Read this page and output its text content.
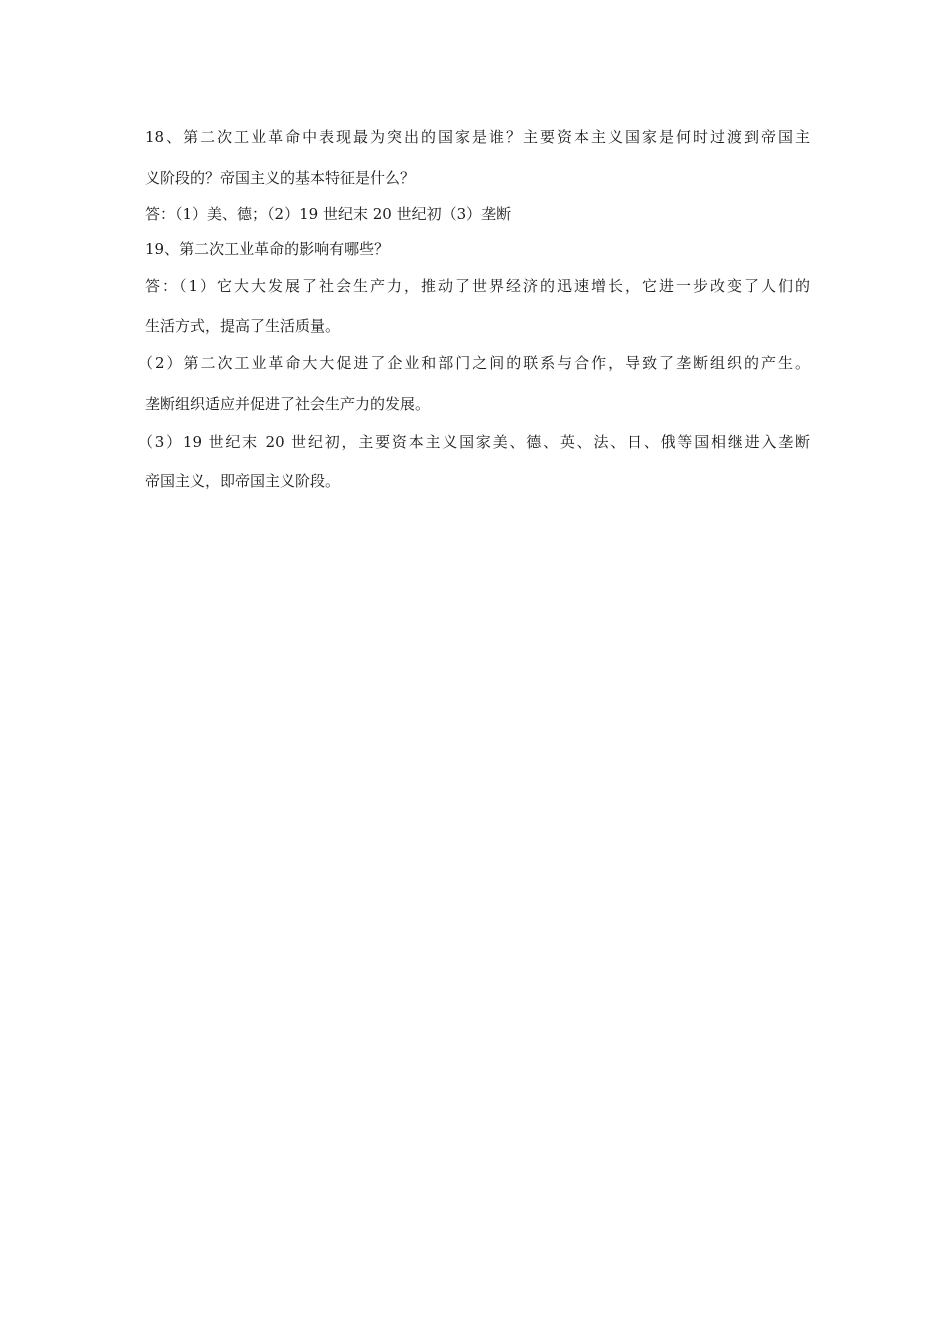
18、第二次工业革命中表现最为突出的国家是谁？主要资本主义国家是何时过渡到帝国主
义阶段的？帝国主义的基本特征是什么？
答：（1）美、德；（2）19 世纪末 20 世纪初（3）垄断
19、第二次工业革命的影响有哪些？
答：（1）它大大发展了社会生产力，推动了世界经济的迅速增长，它进一步改变了人们的
生活方式，提高了生活质量。
（2）第二次工业革命大大促进了企业和部门之间的联系与合作，导致了垄断组织的产生。
垄断组织适应并促进了社会生产力的发展。
（3）19 世纪末 20 世纪初，主要资本主义国家美、德、英、法、日、俄等国相继进入垄断
帝国主义，即帝国主义阶段。
